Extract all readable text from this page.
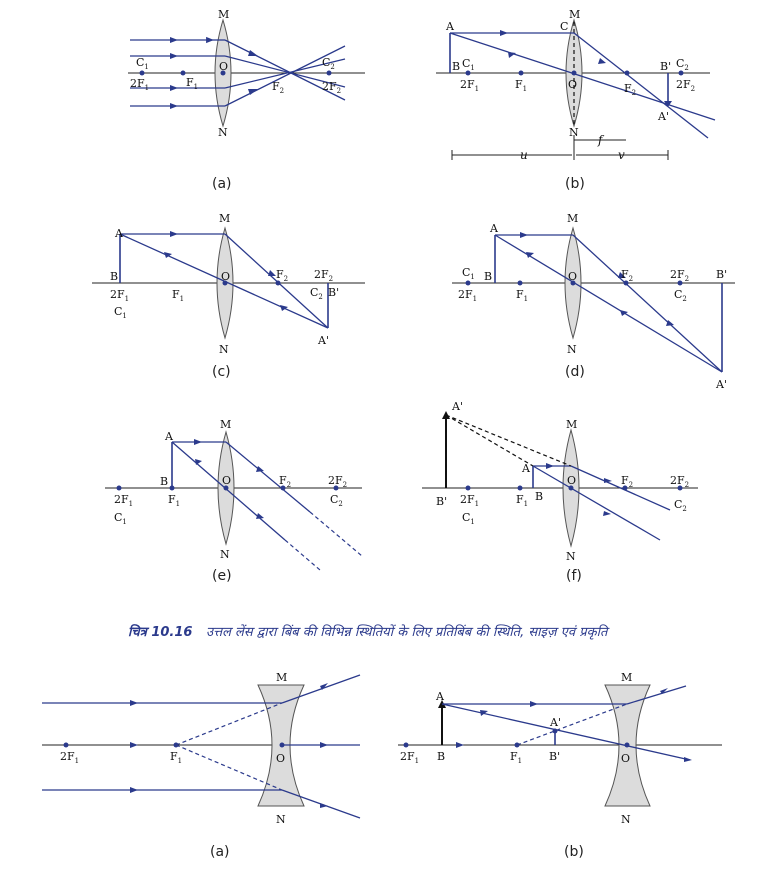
M
N
O
$C_1$
$2F_1$	$F_1$	$F_2$
$C_2$
$2F_2$
(a)
A
B $C_1$
$2F_1$	$F_1$
C
M
N
O	$F_2$
B' $C_2$
$2F_2$
A'
f
u	v
(b)
A
B
$2F_1$	$F_1$
$C_1$
M
N
O	$F_2$ $2F_2$
$C_2$ B'
A'
(c)
A
B
$C_1$
$2F_1$	$F_1$
M
N
O	$F_2$	$2F_2$
$C_2$
B'
A'
(d)
A
B
$2F_1$
$C_1$
$F_1$
M
N
O	$F_2$	$2F_2$
$C_2$
(e)
A'
A
B
B' $2F_1$
$C_1$
$F_1$
M
N
O	$F_2$	$2F_2$
$C_2$
(f)
चित्र 10.16 उत्तल लेंस द्वारा बिंब की विभिन्न स्थितियों के लिए प्रतिबिंब की स्थिति, साइज़ एवं प्रकृति
$2F_1$	$F_1$	O
M
N
(a)
A
B
$2F_1$	$F_1$
A'
B'	O
M
N
(b)
